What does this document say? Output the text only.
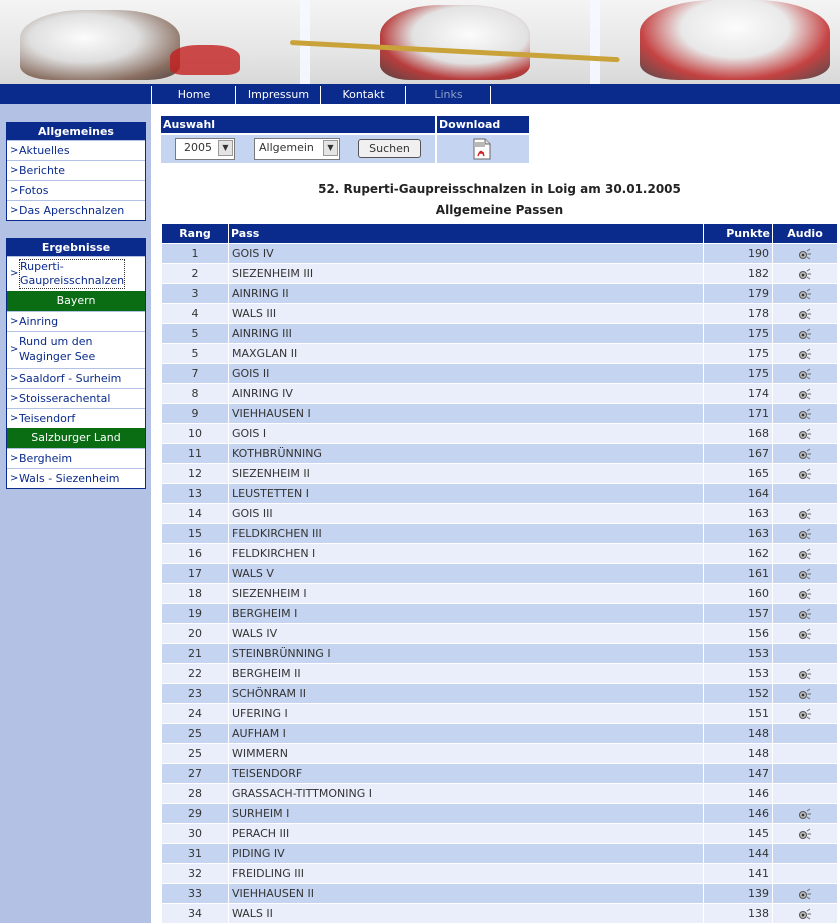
Home	Impressum	Kontakt	Links
Allgemeines
> Aktuelles
> Berichte
> Fotos
> Das Aperschnalzen
Ergebnisse
>
Ruperti-
Gaupreisschnalzen
Bayern
> Ainring
>
Rund um den Waginger See
> Saaldorf - Surheim
> Stoisserachental
> Teisendorf
Salzburger Land
> Bergheim
> Wals - Siezenheim
Auswahl	Download
2005	▼	Allgemein	▼	Suchen
52. Ruperti-Gaupreisschnalzen in Loig am 30.01.2005
Allgemeine Passen
Rang	Pass	Punkte	Audio
1	GOIS IV	190	
2	SIEZENHEIM III	182	
3	AINRING II	179	
4	WALS III	178	
5	AINRING III	175	
5	MAXGLAN II	175	
7	GOIS II	175	
8	AINRING IV	174	
9	VIEHHAUSEN I	171	
10	GOIS I	168	
11	KOTHBRÜNNING	167	
12	SIEZENHEIM II	165	
13	LEUSTETTEN I	164	
14	GOIS III	163	
15	FELDKIRCHEN III	163	
16	FELDKIRCHEN I	162	
17	WALS V	161	
18	SIEZENHEIM I	160	
19	BERGHEIM I	157	
20	WALS IV	156	
21	STEINBRÜNNING I	153	
22	BERGHEIM II	153	
23	SCHÖNRAM II	152	
24	UFERING I	151	
25	AUFHAM I	148	
25	WIMMERN	148	
27	TEISENDORF	147	
28	GRASSACH-TITTMONING I	146	
29	SURHEIM I	146	
30	PERACH III	145	
31	PIDING IV	144	
32	FREIDLING III	141	
33	VIEHHAUSEN II	139	
34	WALS II	138	
